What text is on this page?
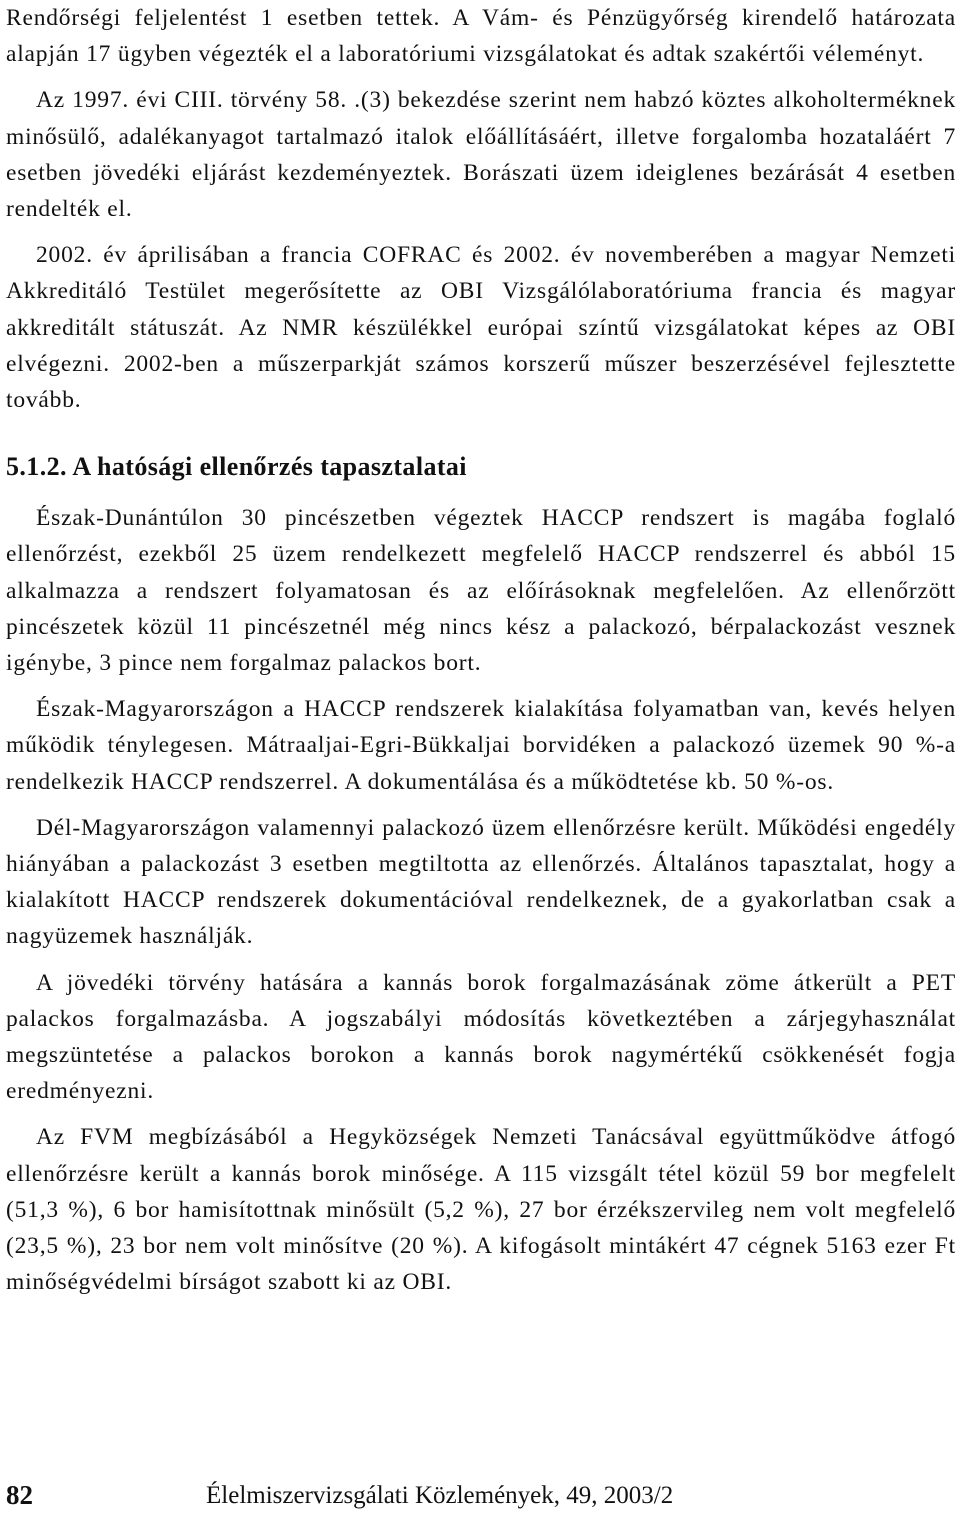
Rendőrségi feljelentést 1 esetben tettek. A Vám- és Pénzügyőrség kirendelő határozata alapján 17 ügyben végezték el a laboratóriumi vizsgálatokat és adtak szakértői véleményt.

Az 1997. évi CIII. törvény 58. .(3) bekezdése szerint nem habzó köztes alkoholterméknek minősülő, adalékanyagot tartalmazó italok előállításáért, illetve forgalomba hozataláért 7 esetben jövedéki eljárást kezdeményeztek. Borászati üzem ideiglenes bezárását 4 esetben rendelték el.

2002. év áprilisában a francia COFRAC és 2002. év novemberében a magyar Nemzeti Akkreditáló Testület megerősítette az OBI Vizsgálólaboratóriuma francia és magyar akkreditált státuszát. Az NMR készülékkel európai színtű vizsgálatokat képes az OBI elvégezni. 2002-ben a műszerparkját számos korszerű műszer beszerzésével fejlesztette tovább.

5.1.2. A hatósági ellenőrzés tapasztalatai

Észak-Dunántúlon 30 pincészetben végeztek HACCP rendszert is magába foglaló ellenőrzést, ezekből 25 üzem rendelkezett megfelelő HACCP rendszerrel és abból 15 alkalmazza a rendszert folyamatosan és az előírásoknak megfelelően. Az ellenőrzött pincészetek közül 11 pincészetnél még nincs kész a palackozó, bérpalackozást vesznek igénybe, 3 pince nem forgalmaz palackos bort.

Észak-Magyarországon a HACCP rendszerek kialakítása folyamatban van, kevés helyen működik ténylegesen. Mátraaljai-Egri-Bükkaljai borvidéken a palackozó üzemek 90 %-a rendelkezik HACCP rendszerrel. A dokumentálása és a működtetése kb. 50 %-os.

Dél-Magyarországon valamennyi palackozó üzem ellenőrzésre került. Működési engedély hiányában a palackozást 3 esetben megtiltotta az ellenőrzés. Általános tapasztalat, hogy a kialakított HACCP rendszerek dokumentációval rendelkeznek, de a gyakorlatban csak a nagyüzemek használják.

A jövedéki törvény hatására a kannás borok forgalmazásának zöme átkerült a PET palackos forgalmazásba. A jogszabályi módosítás következtében a zárjegyhasználat megszüntetése a palackos borokon a kannás borok nagymértékű csökkenését fogja eredményezni.

Az FVM megbízásából a Hegyközségek Nemzeti Tanácsával együttműködve átfogó ellenőrzésre került a kannás borok minősége. A 115 vizsgált tétel közül 59 bor megfelelt (51,3 %), 6 bor hamisítottnak minősült (5,2 %), 27 bor érzékszervileg nem volt megfelelő (23,5 %), 23 bor nem volt minősítve (20 %). A kifogásolt mintákért 47 cégnek 5163 ezer Ft minőségvédelmi bírságot szabott ki az OBI.

82	Élelmiszervizsgálati Közlemények, 49, 2003/2
